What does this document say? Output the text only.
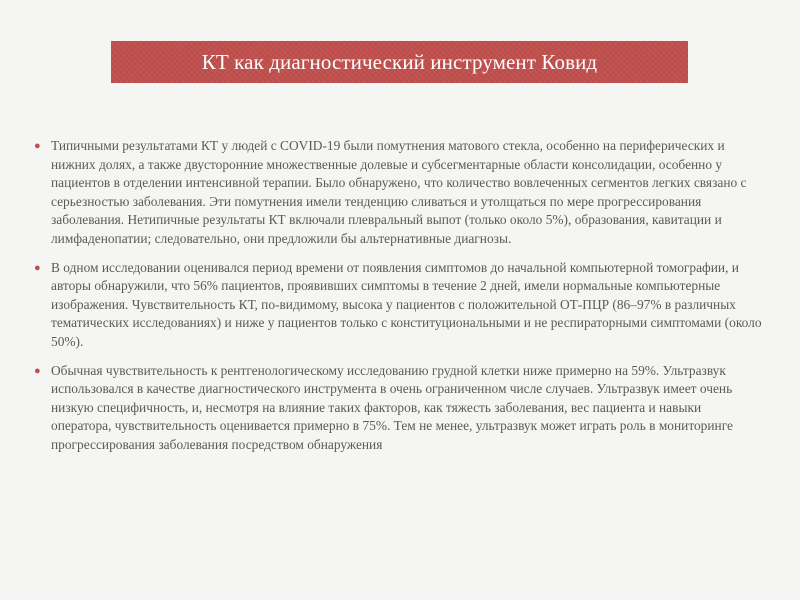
КТ как диагностический инструмент Ковид
● Типичными результатами КТ у людей с COVID-19 были помутнения матового стекла, особенно на периферических и нижних долях, а также двусторонние множественные долевые и субсегментарные области консолидации, особенно у пациентов в отделении интенсивной терапии. Было обнаружено, что количество вовлеченных сегментов легких связано с серьезностью заболевания. Эти помутнения имели тенденцию сливаться и утолщаться по мере прогрессирования заболевания. Нетипичные результаты КТ включали плевральный выпот (только около 5%), образования, кавитации и лимфаденопатии; следовательно, они предложили бы альтернативные диагнозы.
● В одном исследовании оценивался период времени от появления симптомов до начальной компьютерной томографии, и авторы обнаружили, что 56% пациентов, проявивших симптомы в течение 2 дней, имели нормальные компьютерные изображения. Чувствительность КТ, по-видимому, высока у пациентов с положительной ОТ-ПЦР (86–97% в различных тематических исследованиях) и ниже у пациентов только с конституциональными и не респираторными симптомами (около 50%).
● Обычная чувствительность к рентгенологическому исследованию грудной клетки ниже примерно на 59%. Ультразвук использовался в качестве диагностического инструмента в очень ограниченном числе случаев. Ультразвук имеет очень низкую специфичность, и, несмотря на влияние таких факторов, как тяжесть заболевания, вес пациента и навыки оператора, чувствительность оценивается примерно в 75%. Тем не менее, ультразвук может играть роль в мониторинге прогрессирования заболевания посредством обнаружения
